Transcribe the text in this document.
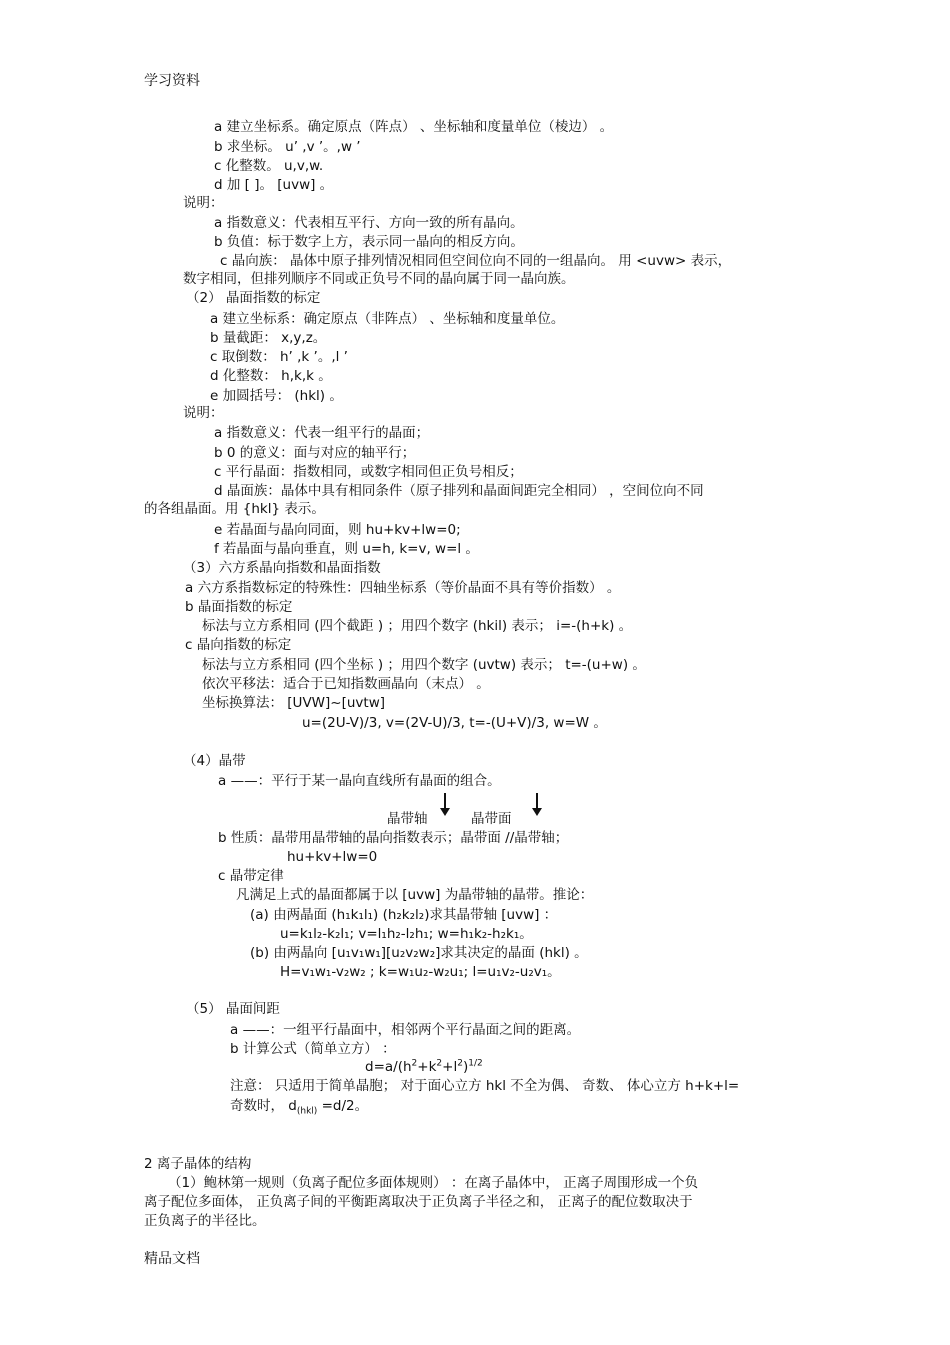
学习资料
a 建立坐标系。确定原点（阵点） 、坐标轴和度量单位（棱边） 。
b 求坐标。 u’ ,v ’。,w ’
c 化整数。 u,v,w.
d 加 [ ]。 [uvw] 。
说明：
a 指数意义：代表相互平行、方向一致的所有晶向。
b 负值：标于数字上方，表示同一晶向的相反方向。
c 晶向族： 晶体中原子排列情况相同但空间位向不同的一组晶向。 用 <uvw> 表示，
数字相同，但排列顺序不同或正负号不同的晶向属于同一晶向族。
（2） 晶面指数的标定
a 建立坐标系：确定原点（非阵点） 、坐标轴和度量单位。
b 量截距： x,y,z。
c 取倒数： h’ ,k ’。,l ’
d 化整数： h,k,k 。
e 加圆括号： (hkl) 。
说明：
a 指数意义：代表一组平行的晶面；
b 0 的意义：面与对应的轴平行；
c 平行晶面：指数相同，或数字相同但正负号相反；
d 晶面族：晶体中具有相同条件（原子排列和晶面间距完全相同） ，空间位向不同
的各组晶面。用 {hkl} 表示。
e 若晶面与晶向同面，则 hu+kv+lw=0;
f 若晶面与晶向垂直，则 u=h, k=v, w=l 。
（3）六方系晶向指数和晶面指数
a 六方系指数标定的特殊性：四轴坐标系（等价晶面不具有等价指数） 。
b 晶面指数的标定
标法与立方系相同 (四个截距 ) ；用四个数字 (hkil) 表示； i=-(h+k) 。
c 晶向指数的标定
标法与立方系相同 (四个坐标 ) ；用四个数字 (uvtw) 表示； t=-(u+w) 。
依次平移法：适合于已知指数画晶向（末点） 。
坐标换算法： [UVW]~[uvtw]
u=(2U-V)/3, v=(2V-U)/3, t=-(U+V)/3, w=W 。
（4）晶带
a ——：平行于某一晶向直线所有晶面的组合。
晶带轴	晶带面
b 性质：晶带用晶带轴的晶向指数表示；晶带面 //晶带轴；
hu+kv+lw=0
c 晶带定律
凡满足上式的晶面都属于以 [uvw] 为晶带轴的晶带。推论：
(a) 由两晶面 (h₁k₁l₁) (h₂k₂l₂)求其晶带轴 [uvw] ：
u=k₁l₂-k₂l₁; v=l₁h₂-l₂h₁; w=h₁k₂-h₂k₁。
(b) 由两晶向 [u₁v₁w₁][u₂v₂w₂]求其决定的晶面 (hkl) 。
H=v₁w₁-v₂w₂ ; k=w₁u₂-w₂u₁; l=u₁v₂-u₂v₁。
（5） 晶面间距
a ——：一组平行晶面中，相邻两个平行晶面之间的距离。
b 计算公式（简单立方） ：
$d=a/(h^2+k^2+l^2)^{1/2}$
注意： 只适用于简单晶胞； 对于面心立方 hkl 不全为偶、 奇数、 体心立方 h+k+l=
奇数时， $d_{(hkl)} =d/2$。
2 离子晶体的结构
（1）鲍林第一规则（负离子配位多面体规则） ：在离子晶体中， 正离子周围形成一个负
离子配位多面体， 正负离子间的平衡距离取决于正负离子半径之和， 正离子的配位数取决于
正负离子的半径比。
精品文档
